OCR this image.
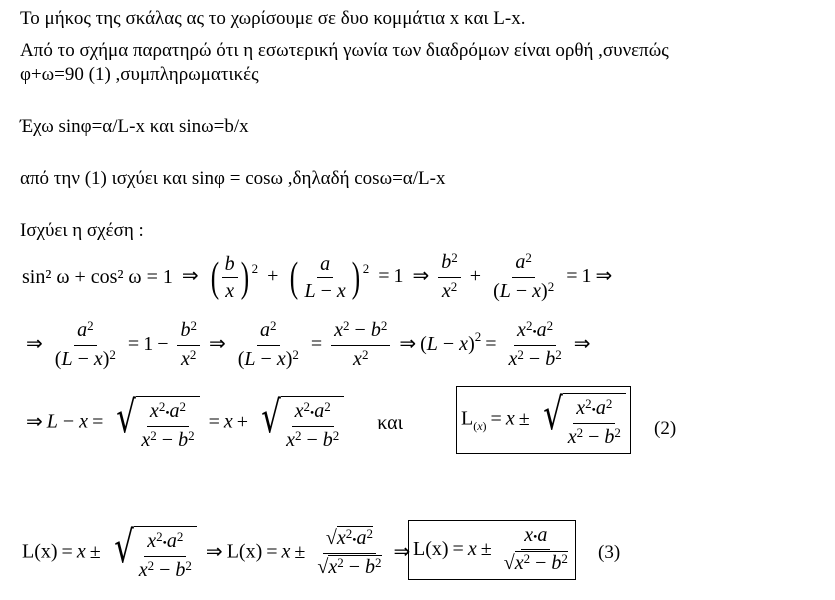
Το μήκος της σκάλας ας το χωρίσουμε σε δυο κομμάτια x και L-x.
Από το σχήμα παρατηρώ ότι η εσωτερική γωνία των διαδρόμων είναι ορθή ,συνεπώς
φ+ω=90 (1) ,συμπληρωματικές
Έχω sinφ=α/L-x και sinω=b/x
από την (1) ισχύει και sinφ = cosω ,δηλαδή cosω=α/L-x
Ισχύει η σχέση :
sin² ω + cos² ω = 1 ⇒ ( $\frac{b}{x}$ ) $^2$ + ( $\frac{a}{L - x}$ ) $^2$ = 1 ⇒ $\frac{b^2}{x^2} + \frac{a^2}{(L - x)^2} = 1$ ⇒
⇒ $\frac{a^2}{(L - x)^2} = 1 - \frac{b^2}{x^2}$ ⇒ $\frac{a^2}{(L - x)^2} = \frac{x^2 - b^2}{x^2}$ ⇒ $(L - x)^2 = \frac{x^2•a^2}{x^2 - b^2}$ ⇒
⇒ L − x = √ $\frac{x^2•a^2}{x^2 - b^2} = x$ + √ $\frac{x^2•a^2}{x^2 - b^2}$ και	$L_{(x)} = x$ ± √ $\frac{x^2•a^2}{x^2 - b^2} (2)$
L(x) = x ± √ $\frac{x^2•a^2}{x^2 - b^2}$ ⇒ $L(x) = x \pm \frac{√x^2•a^2}{√x^2 - b^2}$ ⇒ $L(x) = x \pm \frac{x•a}{√x^2 - b^2} (3)$
